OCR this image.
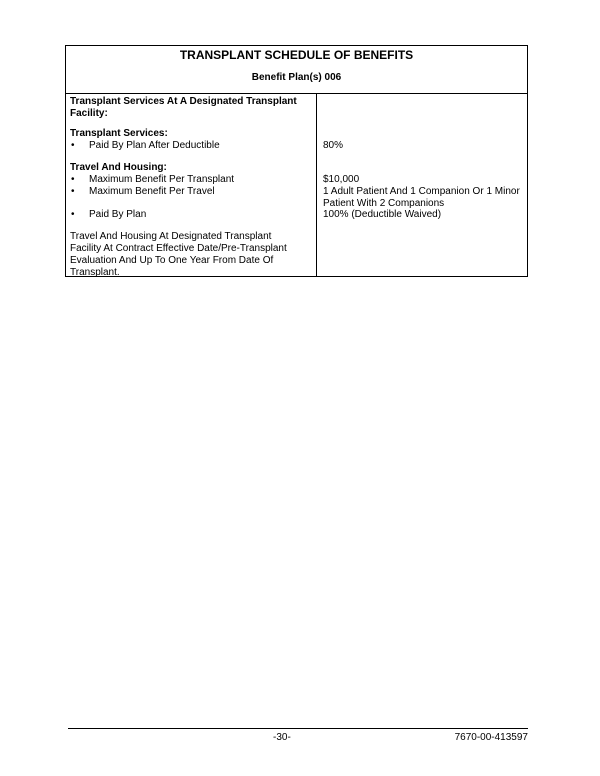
TRANSPLANT SCHEDULE OF BENEFITS
Benefit Plan(s) 006
Transplant Services At A Designated Transplant
Facility:
Transplant Services:
• Paid By Plan After Deductible
Travel And Housing:
• Maximum Benefit Per Transplant
• Maximum Benefit Per Travel
• Paid By Plan
Travel And Housing At Designated Transplant
Facility At Contract Effective Date/Pre-Transplant
Evaluation And Up To One Year From Date Of
Transplant.
80%
$10,000
1 Adult Patient And 1 Companion Or 1 Minor
Patient With 2 Companions
100% (Deductible Waived)
-30-	7670-00-413597
